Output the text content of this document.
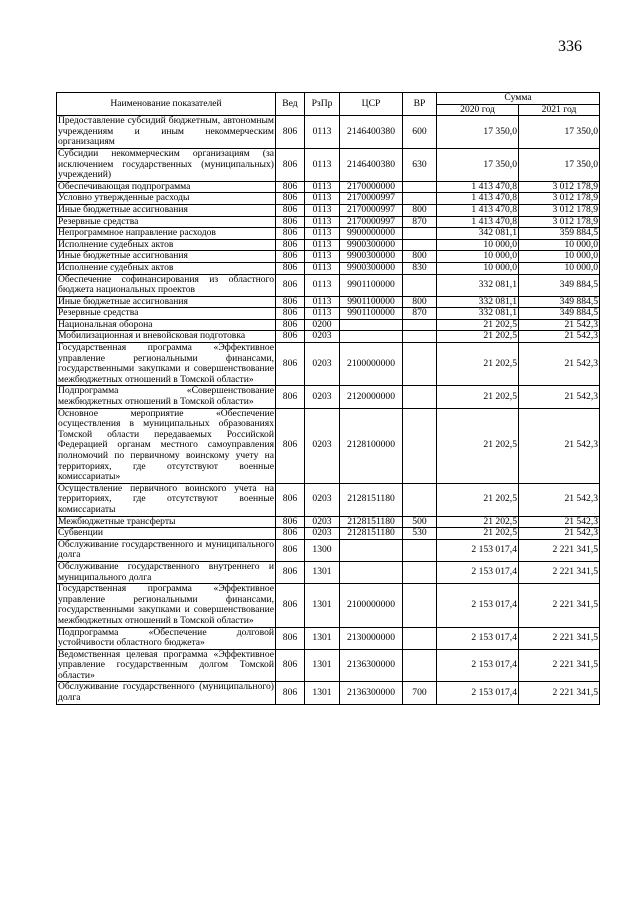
336
Наименование показателей	Вед	РзПр	ЦСР	ВР	Сумма	
					2020 год	2021 год
Предоставление субсидий бюджетным, автономным учреждениям и иным некоммерческим организациям	806	0113	2146400380	600	17 350,0	17 350,0
Субсидии некоммерческим организациям (за исключением государственных (муниципальных) учреждений)	806	0113	2146400380	630	17 350,0	17 350,0
Обеспечивающая подпрограмма	806	0113	2170000000		1 413 470,8	3 012 178,9
Условно утвержденные расходы	806	0113	2170000997		1 413 470,8	3 012 178,9
Иные бюджетные ассигнования	806	0113	2170000997	800	1 413 470,8	3 012 178,9
Резервные средства	806	0113	2170000997	870	1 413 470,8	3 012 178,9
Непрограммное направление расходов	806	0113	9900000000		342 081,1	359 884,5
Исполнение судебных актов	806	0113	9900300000		10 000,0	10 000,0
Иные бюджетные ассигнования	806	0113	9900300000	800	10 000,0	10 000,0
Исполнение судебных актов	806	0113	9900300000	830	10 000,0	10 000,0
Обеспечение софинансирования из областного бюджета национальных проектов	806	0113	9901100000		332 081,1	349 884,5
Иные бюджетные ассигнования	806	0113	9901100000	800	332 081,1	349 884,5
Резервные средства	806	0113	9901100000	870	332 081,1	349 884,5
Национальная оборона	806	0200			21 202,5	21 542,3
Мобилизационная и вневойсковая подготовка	806	0203			21 202,5	21 542,3
Государственная программа «Эффективное управление региональными финансами, государственными закупками и совершенствование межбюджетных отношений в Томской области»	806	0203	2100000000		21 202,5	21 542,3
Подпрограмма «Совершенствование межбюджетных отношений в Томской области»	806	0203	2120000000		21 202,5	21 542,3
Основное мероприятие «Обеспечение осуществления в муниципальных образованиях Томской области передаваемых Российской Федерацией органам местного самоуправления полномочий по первичному воинскому учету на территориях, где отсутствуют военные комиссариаты»	806	0203	2128100000		21 202,5	21 542,3
Осуществление первичного воинского учета на территориях, где отсутствуют военные комиссариаты	806	0203	2128151180		21 202,5	21 542,3
Межбюджетные трансферты	806	0203	2128151180	500	21 202,5	21 542,3
Субвенции	806	0203	2128151180	530	21 202,5	21 542,3
Обслуживание государственного и муниципального долга	806	1300			2 153 017,4	2 221 341,5
Обслуживание государственного внутреннего и муниципального долга	806	1301			2 153 017,4	2 221 341,5
Государственная программа «Эффективное управление региональными финансами, государственными закупками и совершенствование межбюджетных отношений в Томской области»	806	1301	2100000000		2 153 017,4	2 221 341,5
Подпрограмма «Обеспечение долговой устойчивости областного бюджета»	806	1301	2130000000		2 153 017,4	2 221 341,5
Ведомственная целевая программа «Эффективное управление государственным долгом Томской области»	806	1301	2136300000		2 153 017,4	2 221 341,5
Обслуживание государственного (муниципального) долга	806	1301	2136300000	700	2 153 017,4	2 221 341,5
